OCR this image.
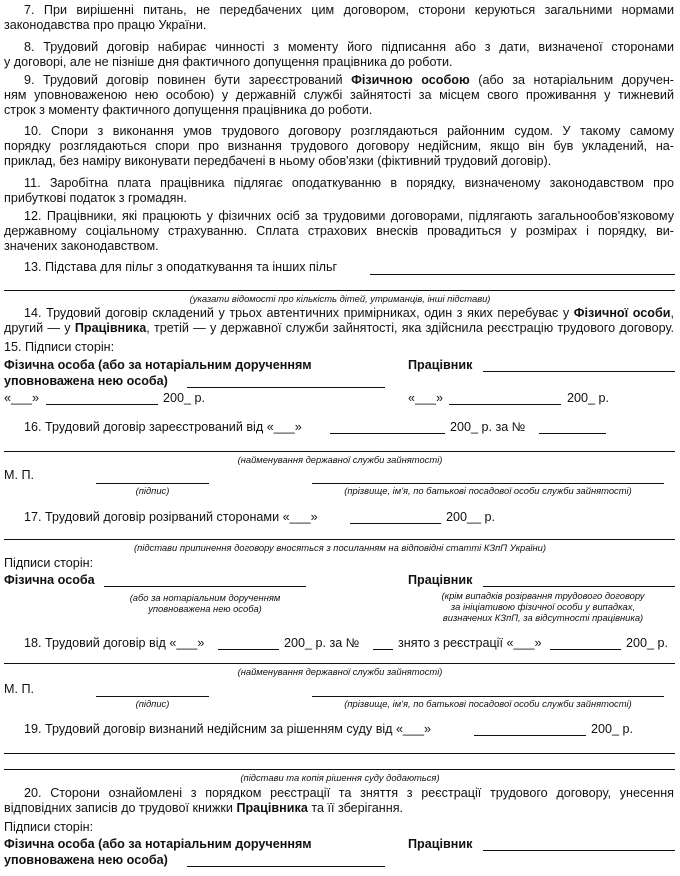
7. При вирішенні питань, не передбачених цим договором, сторони керуються загальними нормами
законодавства про працю України.
8. Трудовий договір набирає чинності з моменту його підписання або з дати, визначеної сторонами
у договорі, але не пізніше дня фактичного допущення працівника до роботи.
9. Трудовий договір повинен бути зареєстрований Фізичною особою (або за нотаріальним доручен-
ням уповноваженою нею особою) у державній службі зайнятості за місцем свого проживання у тижневий
строк з моменту фактичного допущення працівника до роботи.
10. Спори з виконання умов трудового договору розглядаються районним судом. У такому самому
порядку розглядаються спори про визнання трудового договору недійсним, якщо він був укладений, на-
приклад, без наміру виконувати передбачені в ньому обов'язки (фіктивний трудовий договір).
11. Заробітна плата працівника підлягає оподаткуванню в порядку, визначеному законодавством про
прибуткові податок з громадян.
12. Працівники, які працюють у фізичних осіб за трудовими договорами, підлягають загальнообов'язковому
державному соціальному страхуванню. Сплата страхових внесків провадиться у розмірах і порядку, ви-
значених законодавством.
13. Підстава для пільг з оподаткування та інших пільг
(указати відомості про кількість дітей, утриманців, інші підстави)
14. Трудовий договір складений у трьох автентичних примірниках, один з яких перебуває у Фізичної особи,
другий — у Працівника, третій — у державної служби зайнятості, яка здійснила реєстрацію трудового договору.
15. Підписи сторін:
Фізична особа (або за нотаріальним дорученням
уповноважена нею особа)
Працівник
«___»	200_ р.	«___»	200_ р.
16. Трудовий договір зареєстрований від «___»	200_ р. за №
(найменування державної служби зайнятості)
М. П.
(підпис)	(прізвище, ім'я, по батькові посадової особи служби зайнятості)
17. Трудовий договір розірваний сторонами «___»	200__ р.
(підстави припинення договору вносяться з посиланням на відповідні статті КЗпП України)
Підписи сторін:
Фізична особа	Працівник
(або за нотаріальним дорученням
уповноважена нею особа)
(крім випадків розірвання трудового договору
за ініціативою фізичної особи у випадках,
визначених КЗпП, за відсутності працівника)
18. Трудовий договір від «___»	200_ р. за №	знято з реєстрації «___»	200_ р.
(найменування державної служби зайнятості)
М. П.
(підпис)	(прізвище, ім'я, по батькові посадової особи служби зайнятості)
19. Трудовий договір визнаний недійсним за рішенням суду від «___»	200_ р.
(підстави та копія рішення суду додаються)
20. Сторони ознайомлені з порядком реєстрації та зняття з реєстрації трудового договору, унесення
відповідних записів до трудової книжки Працівника та її зберігання.
Підписи сторін:
Фізична особа (або за нотаріальним дорученням
уповноважена нею особа)
Працівник
